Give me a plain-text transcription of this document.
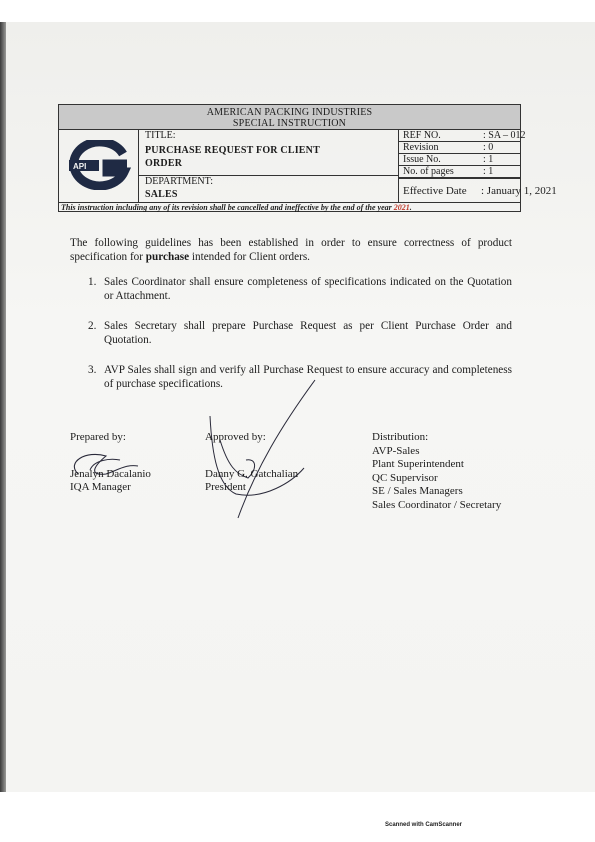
AMERICAN PACKING INDUSTRIES
SPECIAL INSTRUCTION
API
TITLE:
PURCHASE REQUEST FOR CLIENT
ORDER
DEPARTMENT:
SALES
REF NO.	: SA – 012
Revision	: 0
Issue No.	: 1
No. of pages	: 1
Effective Date : January 1, 2021
This instruction including any of its revision shall be cancelled and ineffective by the end of the year 2021.
The following guidelines has been established in order to ensure correctness of product specification for purchase intended for Client orders.
1. Sales Coordinator shall ensure completeness of specifications indicated on the Quotation or Attachment.
2. Sales Secretary shall prepare Purchase Request as per Client Purchase Order and Quotation.
3. AVP Sales shall sign and verify all Purchase Request to ensure accuracy and completeness of purchase specifications.
Prepared by:
Jenalyn Dacalanio
IQA Manager
Approved by:
Danny G. Gatchalian
President
Distribution:
AVP-Sales
Plant Superintendent
QC Supervisor
SE / Sales Managers
Sales Coordinator / Secretary
Scanned with CamScanner
